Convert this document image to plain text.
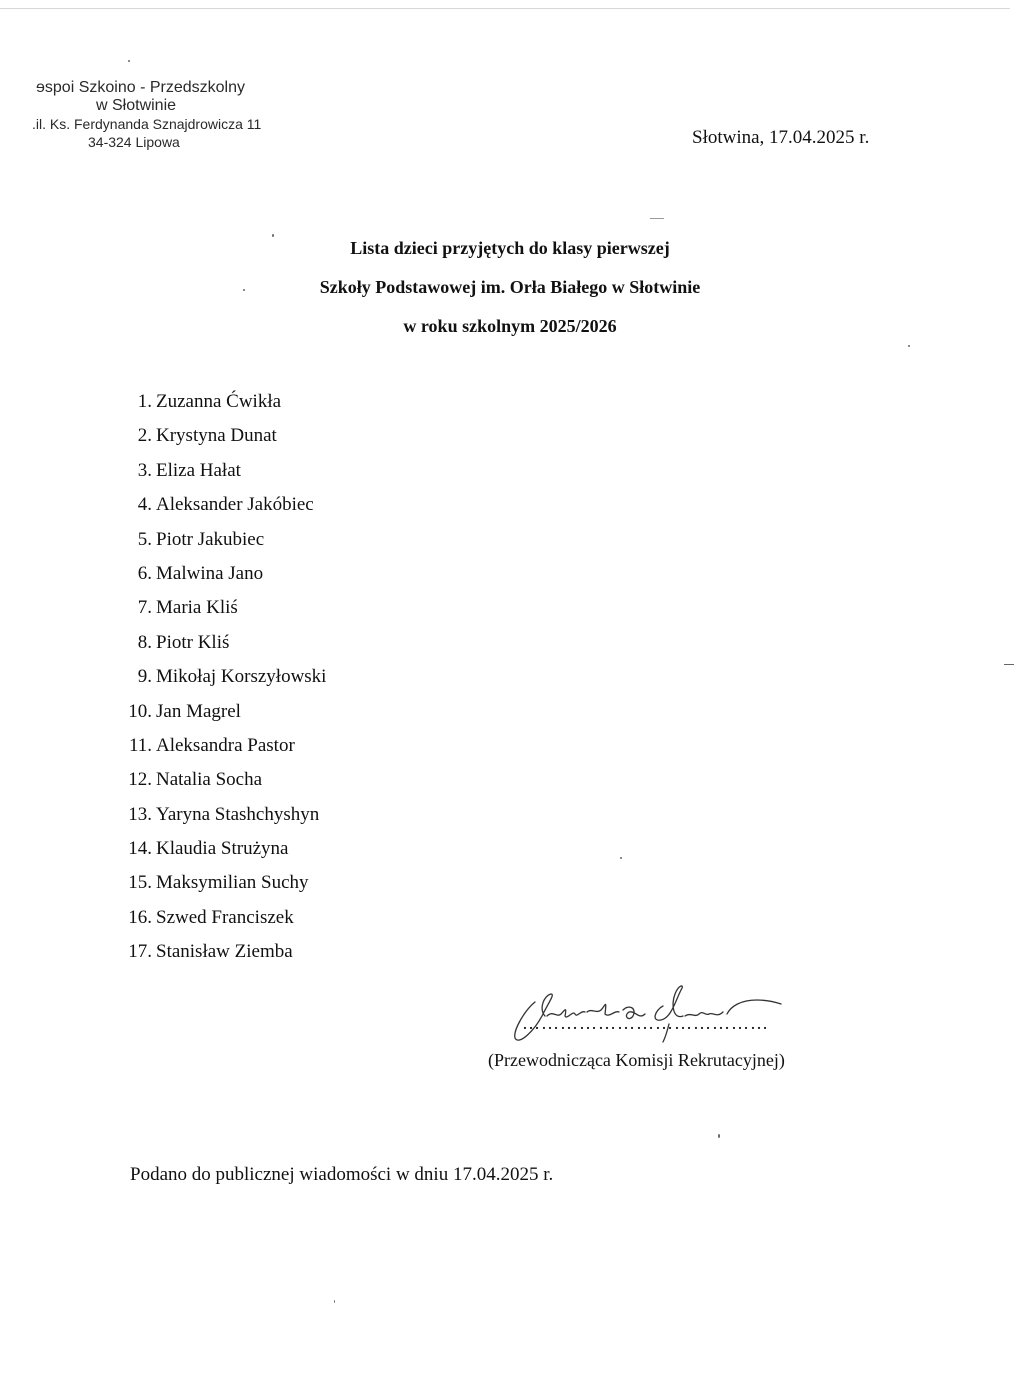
ɘspoi Szkoino - Przedszkolny
w Słotwinie
.il. Ks. Ferdynanda Sznajdrowicza 11
34-324 Lipowa	Słotwina, 17.04.2025 r.
Lista dzieci przyjętych do klasy pierwszej
Szkoły Podstawowej im. Orła Białego w Słotwinie
w roku szkolnym 2025/2026
1. Zuzanna Ćwikła
2. Krystyna Dunat
3. Eliza Hałat
4. Aleksander Jakóbiec
5. Piotr Jakubiec
6. Malwina Jano
7. Maria Kliś
8. Piotr Kliś
9. Mikołaj Korszyłowski
10. Jan Magrel
11. Aleksandra Pastor
12. Natalia Socha
13. Yaryna Stashchyshyn
14. Klaudia Strużyna
15. Maksymilian Suchy
16. Szwed Franciszek
17. Stanisław Ziemba
…………………………………
(Przewodnicząca Komisji Rekrutacyjnej)
Podano do publicznej wiadomości w dniu 17.04.2025 r.
